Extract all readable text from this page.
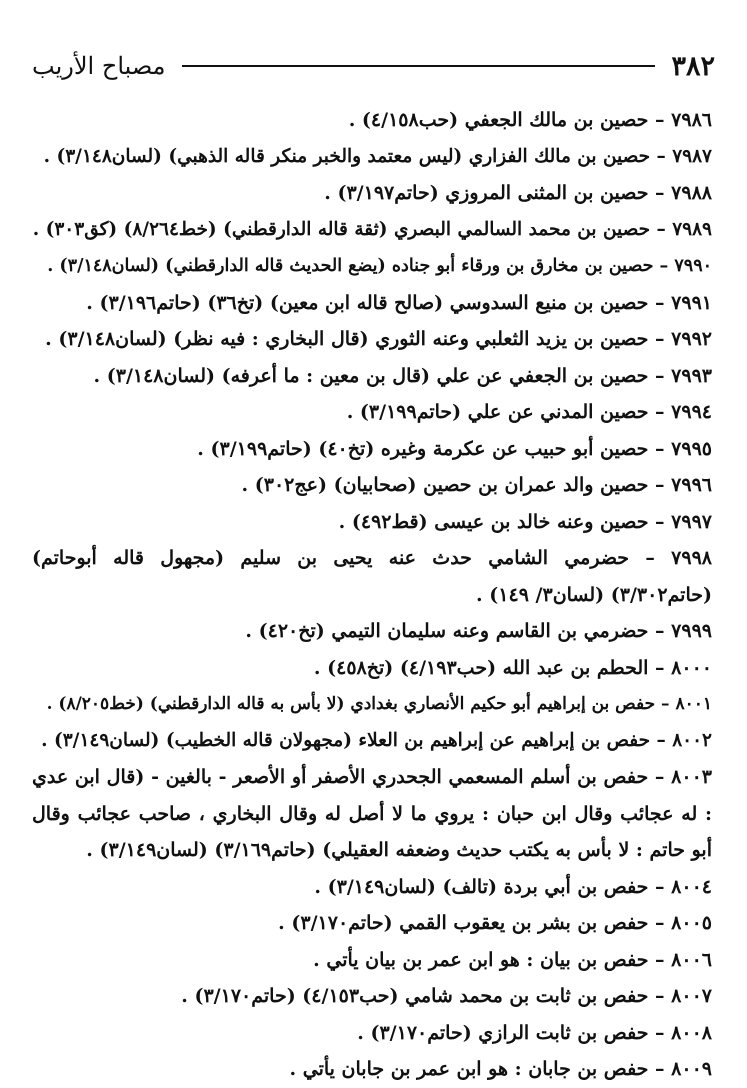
٣٨٢
مصباح الأريب
٧٩٨٦ – حصين بن مالك الجعفي (حب٤/١٥٨) .
٧٩٨٧ – حصين بن مالك الفزاري (ليس معتمد والخبر منكر قاله الذهبي) (لسان٣/١٤٨) .
٧٩٨٨ – حصين بن المثنى المروزي (حاتم٣/١٩٧) .
٧٩٨٩ – حصين بن محمد السالمي البصري (ثقة قاله الدارقطني) (خط٨/٢٦٤) (كق٣٠٣) .
٧٩٩٠ – حصين بن مخارق بن ورقاء أبو جناده (يضع الحديث قاله الدارقطني) (لسان٣/١٤٨) .
٧٩٩١ – حصين بن منيع السدوسي (صالح قاله ابن معين) (تخ٣٦) (حاتم٣/١٩٦) .
٧٩٩٢ – حصين بن يزيد الثعلبي وعنه الثوري (قال البخاري : فيه نظر) (لسان٣/١٤٨) .
٧٩٩٣ – حصين بن الجعفي عن علي (قال بن معين : ما أعرفه) (لسان٣/١٤٨) .
٧٩٩٤ – حصين المدني عن علي (حاتم٣/١٩٩) .
٧٩٩٥ – حصين أبو حبيب عن عكرمة وغيره (تخ٤٠) (حاتم٣/١٩٩) .
٧٩٩٦ – حصين والد عمران بن حصين (صحابيان) (عج٣٠٢) .
٧٩٩٧ – حصين وعنه خالد بن عيسى (قط٤٩٢) .
٧٩٩٨ – حضرمي الشامي حدث عنه يحيى بن سليم (مجهول قاله أبوحاتم) (حاتم٣/٣٠٢) (لسان٣/ ١٤٩) .
٧٩٩٩ – حضرمي بن القاسم وعنه سليمان التيمي (تخ٤٢٠) .
٨٠٠٠ – الحطم بن عبد الله (حب٤/١٩٣) (تخ٤٥٨) .
٨٠٠١ – حفص بن إبراهيم أبو حكيم الأنصاري بغدادي (لا بأس به قاله الدارقطني) (خط٨/٢٠٥) .
٨٠٠٢ – حفص بن إبراهيم عن إبراهيم بن العلاء (مجهولان قاله الخطيب) (لسان٣/١٤٩) .
٨٠٠٣ – حفص بن أسلم المسعمي الجحدري الأصفر أو الأصعر - بالغين - (قال ابن عدي : له عجائب وقال ابن حبان : يروي ما لا أصل له وقال البخاري ، صاحب عجائب وقال أبو حاتم : لا بأس به يكتب حديث وضعفه العقيلي) (حاتم٣/١٦٩) (لسان٣/١٤٩) .
٨٠٠٤ – حفص بن أبي بردة (تالف) (لسان٣/١٤٩) .
٨٠٠٥ – حفص بن بشر بن يعقوب القمي (حاتم٣/١٧٠) .
٨٠٠٦ – حفص بن بيان : هو ابن عمر بن بيان يأتي .
٨٠٠٧ – حفص بن ثابت بن محمد شامي (حب٤/١٥٣) (حاتم٣/١٧٠) .
٨٠٠٨ – حفص بن ثابت الرازي (حاتم٣/١٧٠) .
٨٠٠٩ – حفص بن جابان : هو ابن عمر بن جابان يأتي .
